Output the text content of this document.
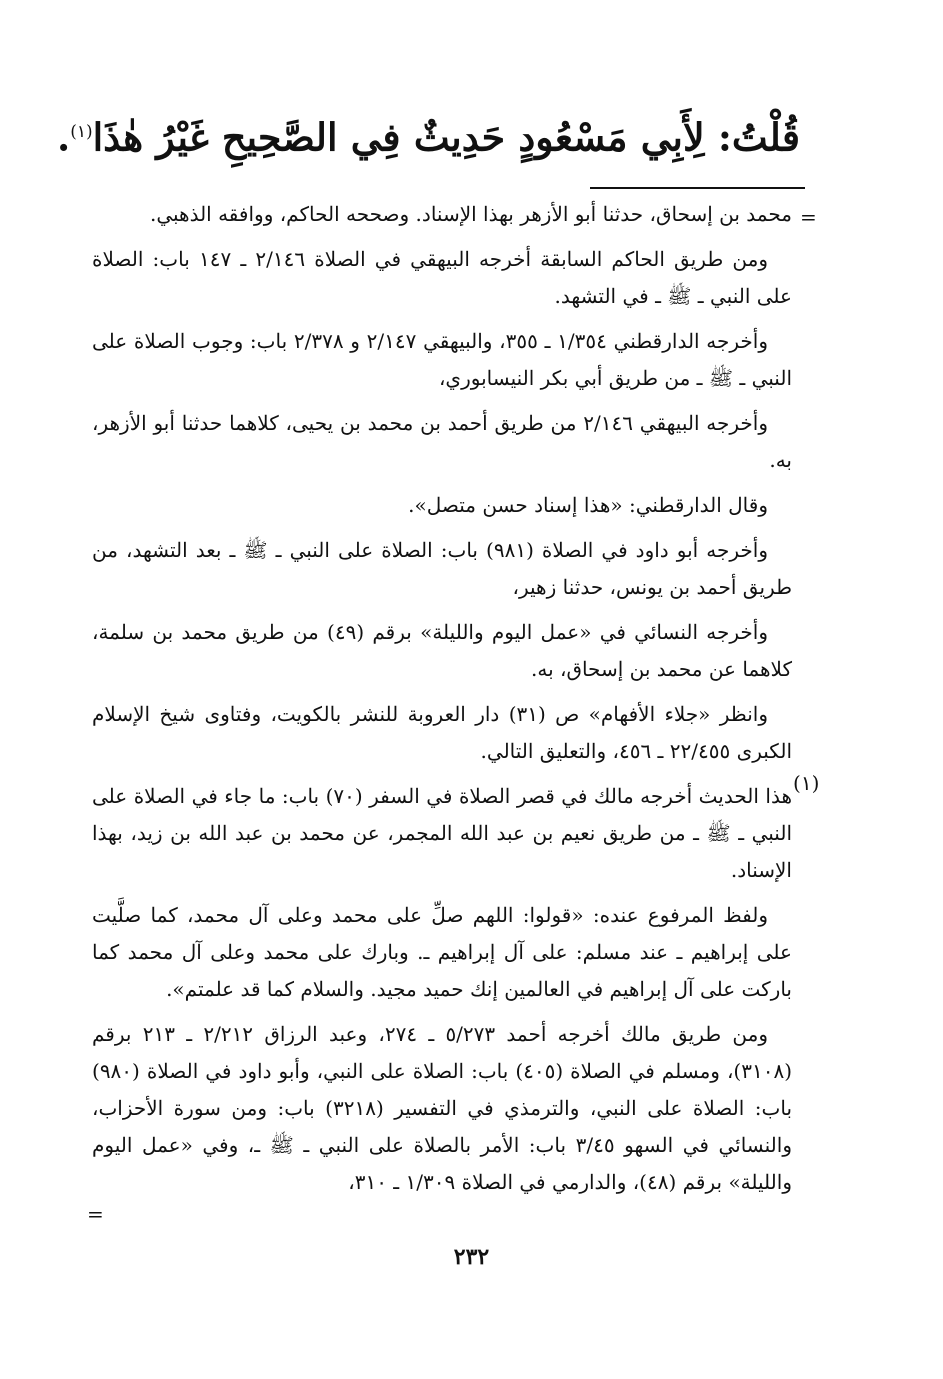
قُلْتُ: لِأَبِي مَسْعُودٍ حَدِيثٌ فِي الصَّحِيحِ غَيْرُ هٰذَا$^{(١)}$.
=
(١)

محمد بن إسحاق، حدثنا أبو الأزهر بهذا الإسناد. وصححه الحاكم، ووافقه الذهبي.

ومن طريق الحاكم السابقة أخرجه البيهقي في الصلاة ٢/١٤٦ ـ ١٤٧ باب: الصلاة على النبي ـ ﷺ ـ في التشهد.

وأخرجه الدارقطني ١/٣٥٤ ـ ٣٥٥، والبيهقي ٢/١٤٧ و ٢/٣٧٨ باب: وجوب الصلاة على النبي ـ ﷺ ـ من طريق أبي بكر النيسابوري،

وأخرجه البيهقي ٢/١٤٦ من طريق أحمد بن محمد بن يحيى، كلاهما حدثنا أبو الأزهر، به.

وقال الدارقطني: «هذا إسناد حسن متصل».

وأخرجه أبو داود في الصلاة (٩٨١) باب: الصلاة على النبي ـ ﷺ ـ بعد التشهد، من طريق أحمد بن يونس، حدثنا زهير،

وأخرجه النسائي في «عمل اليوم والليلة» برقم (٤٩) من طريق محمد بن سلمة، كلاهما عن محمد بن إسحاق، به.

وانظر «جلاء الأفهام» ص (٣١) دار العروبة للنشر بالكويت، وفتاوى شيخ الإسلام الكبرى ٢٢/٤٥٥ ـ ٤٥٦، والتعليق التالي.

هذا الحديث أخرجه مالك في قصر الصلاة في السفر (٧٠) باب: ما جاء في الصلاة على النبي ـ ﷺ ـ من طريق نعيم بن عبد الله المجمر، عن محمد بن عبد الله بن زيد، بهذا الإسناد.

ولفظ المرفوع عنده: «قولوا: اللهم صلِّ على محمد وعلى آل محمد، كما صلَّيت على إبراهيم ـ عند مسلم: على آل إبراهيم ـ. وبارك على محمد وعلى آل محمد كما باركت على آل إبراهيم في العالمين إنك حميد مجيد. والسلام كما قد علمتم».

ومن طريق مالك أخرجه أحمد ٥/٢٧٣ ـ ٢٧٤، وعبد الرزاق ٢/٢١٢ ـ ٢١٣ برقم (٣١٠٨)، ومسلم في الصلاة (٤٠٥) باب: الصلاة على النبي، وأبو داود في الصلاة (٩٨٠) باب: الصلاة على النبي، والترمذي في التفسير (٣٢١٨) باب: ومن سورة الأحزاب، والنسائي في السهو ٣/٤٥ باب: الأمر بالصلاة على النبي ـ ﷺ ـ، وفي «عمل اليوم والليلة» برقم (٤٨)، والدارمي في الصلاة ١/٣٠٩ ـ ٣١٠،

=
٢٣٢
